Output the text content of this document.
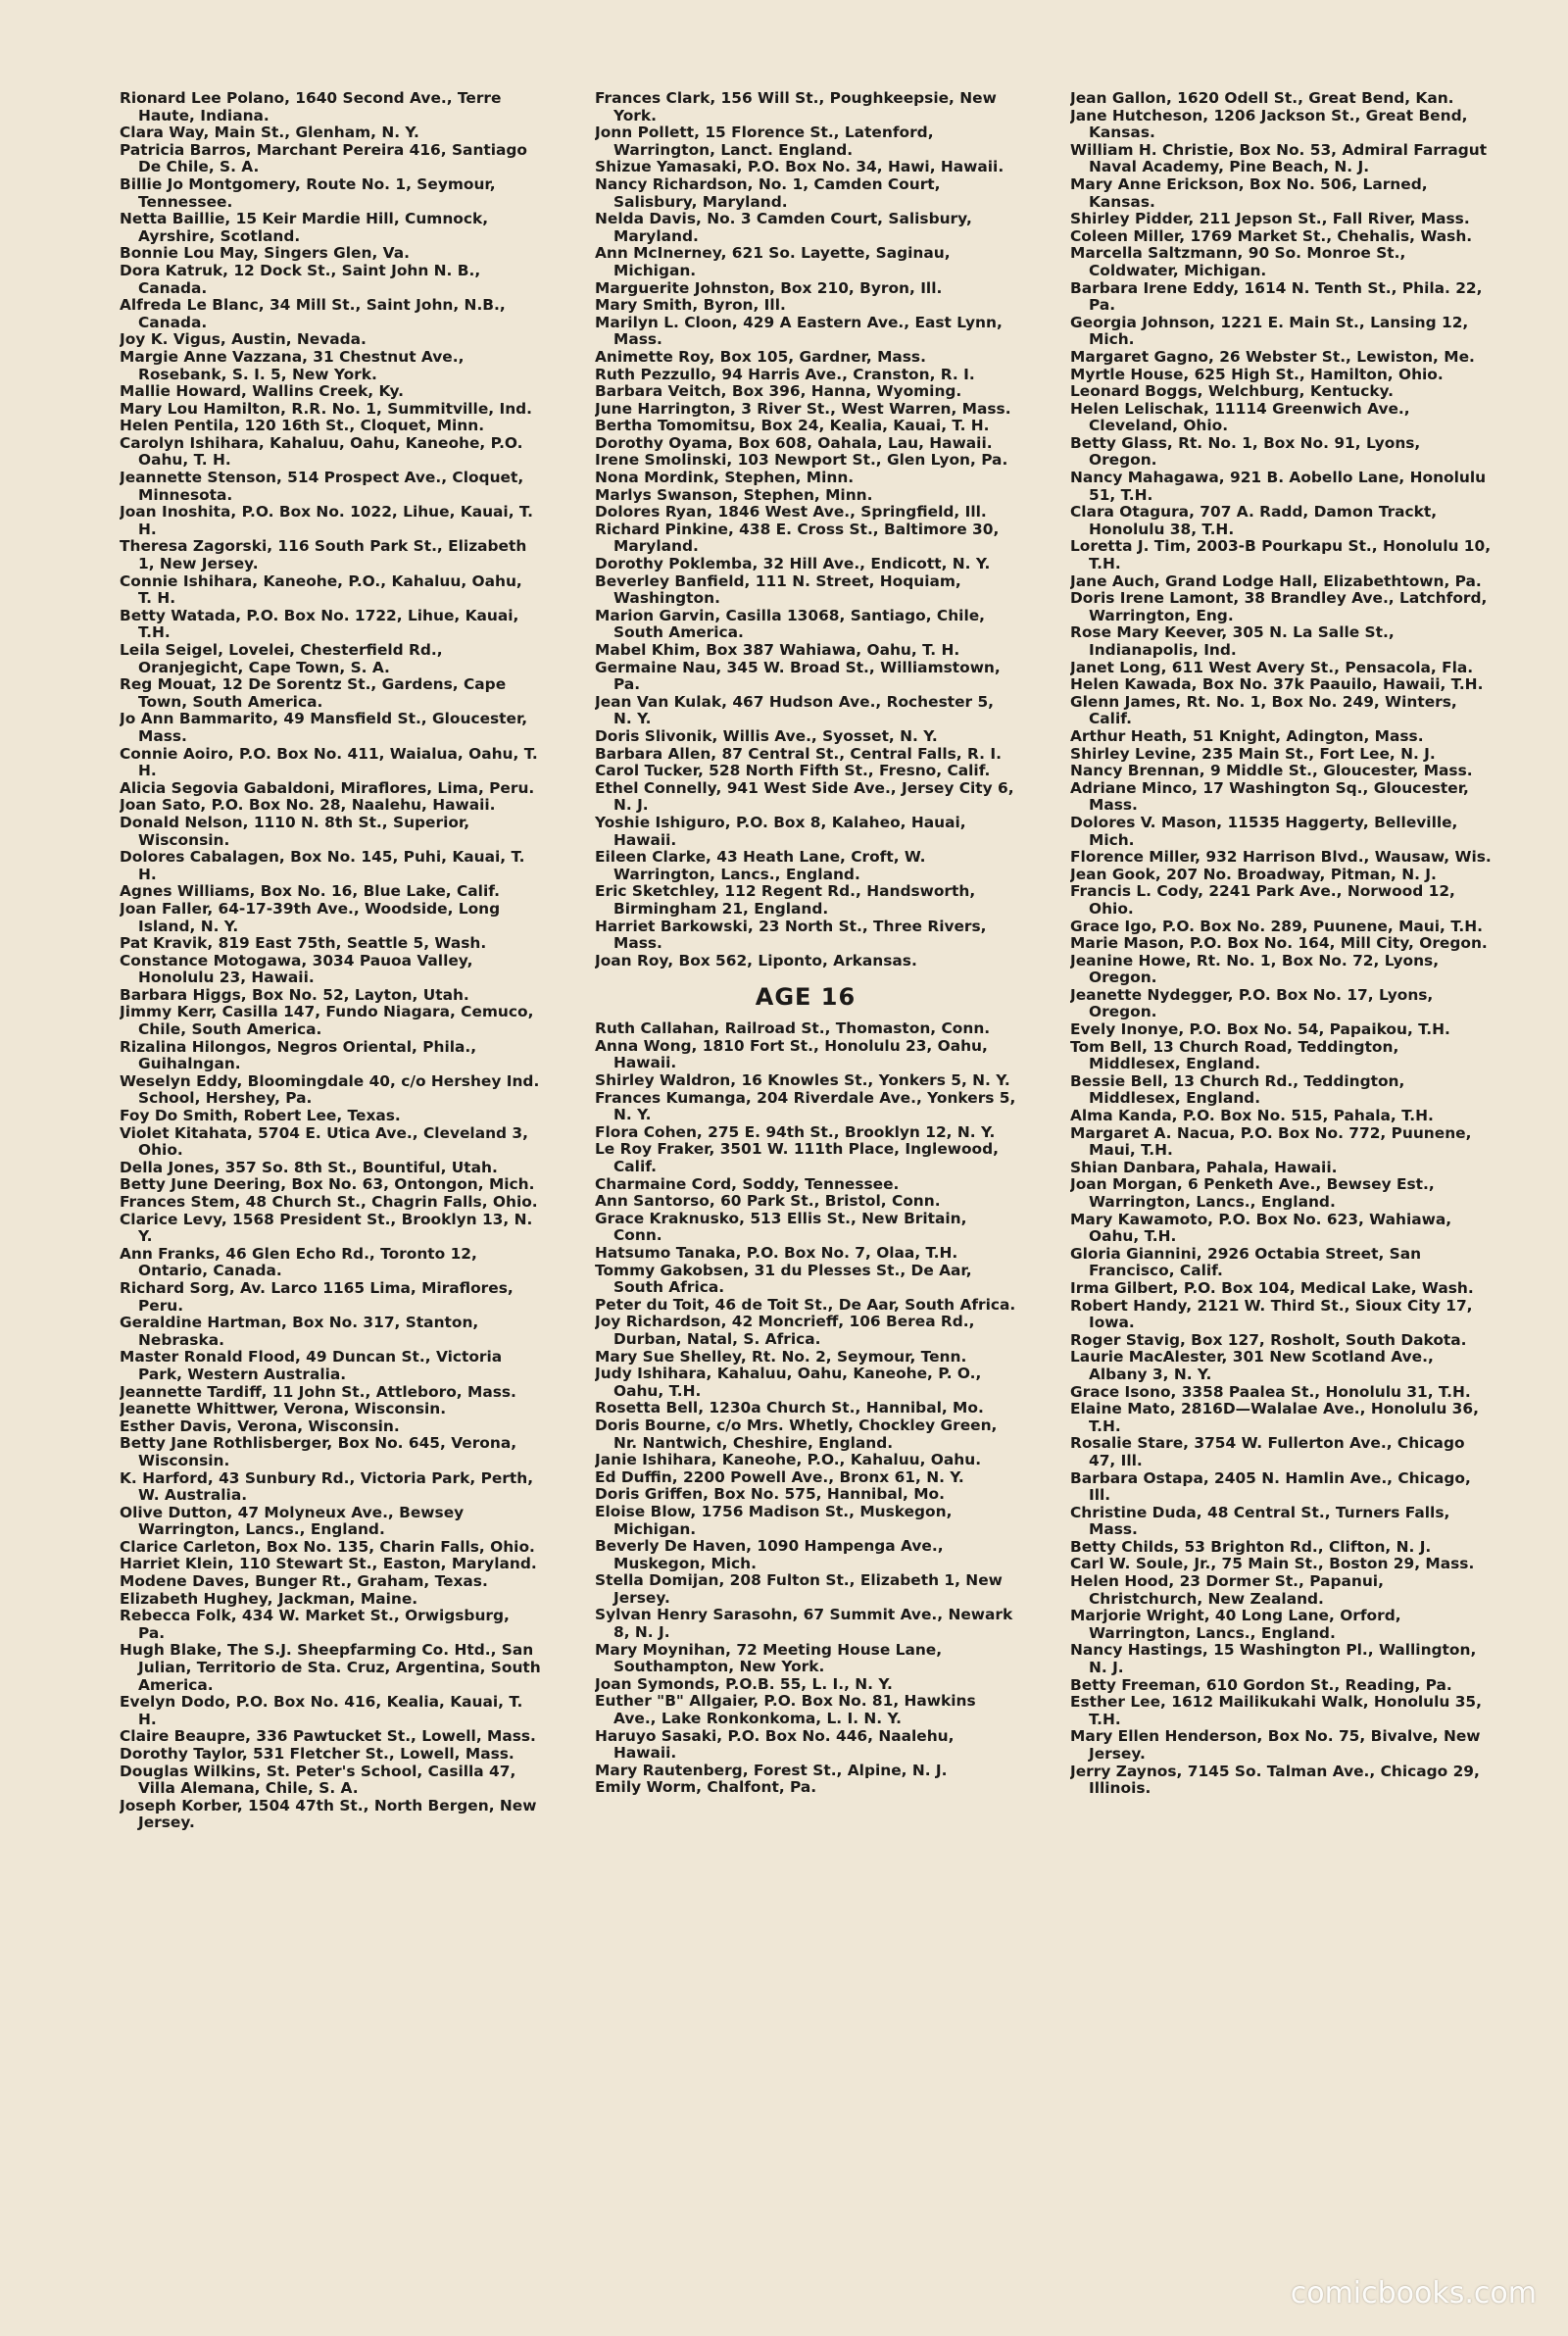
Rionard Lee Polano, 1640 Second Ave., Terre Haute, Indiana.
Clara Way, Main St., Glenham, N. Y.
Patricia Barros, Marchant Pereira 416, Santiago De Chile, S. A.
Billie Jo Montgomery, Route No. 1, Seymour, Tennessee.
Netta Baillie, 15 Keir Mardie Hill, Cumnock, Ayrshire, Scotland.
Bonnie Lou May, Singers Glen, Va.
Dora Katruk, 12 Dock St., Saint John N. B., Canada.
Alfreda Le Blanc, 34 Mill St., Saint John, N.B., Canada.
Joy K. Vigus, Austin, Nevada.
Margie Anne Vazzana, 31 Chestnut Ave., Rosebank, S. I. 5, New York.
Mallie Howard, Wallins Creek, Ky.
Mary Lou Hamilton, R.R. No. 1, Summitville, Ind.
Helen Pentila, 120 16th St., Cloquet, Minn.
Carolyn Ishihara, Kahaluu, Oahu, Kaneohe, P.O. Oahu, T. H.
Jeannette Stenson, 514 Prospect Ave., Cloquet, Minnesota.
Joan Inoshita, P.O. Box No. 1022, Lihue, Kauai, T. H.
Theresa Zagorski, 116 South Park St., Elizabeth 1, New Jersey.
Connie Ishihara, Kaneohe, P.O., Kahaluu, Oahu, T. H.
Betty Watada, P.O. Box No. 1722, Lihue, Kauai, T.H.
Leila Seigel, Lovelei, Chesterfield Rd., Oranjegicht, Cape Town, S. A.
Reg Mouat, 12 De Sorentz St., Gardens, Cape Town, South America.
Jo Ann Bammarito, 49 Mansfield St., Gloucester, Mass.
Connie Aoiro, P.O. Box No. 411, Waialua, Oahu, T. H.
Alicia Segovia Gabaldoni, Miraflores, Lima, Peru.
Joan Sato, P.O. Box No. 28, Naalehu, Hawaii.
Donald Nelson, 1110 N. 8th St., Superior, Wisconsin.
Dolores Cabalagen, Box No. 145, Puhi, Kauai, T. H.
Agnes Williams, Box No. 16, Blue Lake, Calif.
Joan Faller, 64-17-39th Ave., Woodside, Long Island, N. Y.
Pat Kravik, 819 East 75th, Seattle 5, Wash.
Constance Motogawa, 3034 Pauoa Valley, Honolulu 23, Hawaii.
Barbara Higgs, Box No. 52, Layton, Utah.
Jimmy Kerr, Casilla 147, Fundo Niagara, Cemuco, Chile, South America.
Rizalina Hilongos, Negros Oriental, Phila., Guihalngan.
Weselyn Eddy, Bloomingdale 40, c/o Hershey Ind. School, Hershey, Pa.
Foy Do Smith, Robert Lee, Texas.
Violet Kitahata, 5704 E. Utica Ave., Cleveland 3, Ohio.
Della Jones, 357 So. 8th St., Bountiful, Utah.
Betty June Deering, Box No. 63, Ontongon, Mich.
Frances Stem, 48 Church St., Chagrin Falls, Ohio.
Clarice Levy, 1568 President St., Brooklyn 13, N. Y.
Ann Franks, 46 Glen Echo Rd., Toronto 12, Ontario, Canada.
Richard Sorg, Av. Larco 1165 Lima, Miraflores, Peru.
Geraldine Hartman, Box No. 317, Stanton, Nebraska.
Master Ronald Flood, 49 Duncan St., Victoria Park, Western Australia.
Jeannette Tardiff, 11 John St., Attleboro, Mass.
Jeanette Whittwer, Verona, Wisconsin.
Esther Davis, Verona, Wisconsin.
Betty Jane Rothlisberger, Box No. 645, Verona, Wisconsin.
K. Harford, 43 Sunbury Rd., Victoria Park, Perth, W. Australia.
Olive Dutton, 47 Molyneux Ave., Bewsey Warrington, Lancs., England.
Clarice Carleton, Box No. 135, Charin Falls, Ohio.
Harriet Klein, 110 Stewart St., Easton, Maryland.
Modene Daves, Bunger Rt., Graham, Texas.
Elizabeth Hughey, Jackman, Maine.
Rebecca Folk, 434 W. Market St., Orwigsburg, Pa.
Hugh Blake, The S.J. Sheepfarming Co. Htd., San Julian, Territorio de Sta. Cruz, Argentina, South America.
Evelyn Dodo, P.O. Box No. 416, Kealia, Kauai, T. H.
Claire Beaupre, 336 Pawtucket St., Lowell, Mass.
Dorothy Taylor, 531 Fletcher St., Lowell, Mass.
Douglas Wilkins, St. Peter's School, Casilla 47, Villa Alemana, Chile, S. A.
Joseph Korber, 1504 47th St., North Bergen, New Jersey.
Frances Clark, 156 Will St., Poughkeepsie, New York.
Jonn Pollett, 15 Florence St., Latenford, Warrington, Lanct. England.
Shizue Yamasaki, P.O. Box No. 34, Hawi, Hawaii.
Nancy Richardson, No. 1, Camden Court, Salisbury, Maryland.
Nelda Davis, No. 3 Camden Court, Salisbury, Maryland.
Ann McInerney, 621 So. Layette, Saginau, Michigan.
Marguerite Johnston, Box 210, Byron, Ill.
Mary Smith, Byron, Ill.
Marilyn L. Cloon, 429 A Eastern Ave., East Lynn, Mass.
Animette Roy, Box 105, Gardner, Mass.
Ruth Pezzullo, 94 Harris Ave., Cranston, R. I.
Barbara Veitch, Box 396, Hanna, Wyoming.
June Harrington, 3 River St., West Warren, Mass.
Bertha Tomomitsu, Box 24, Kealia, Kauai, T. H.
Dorothy Oyama, Box 608, Oahala, Lau, Hawaii.
Irene Smolinski, 103 Newport St., Glen Lyon, Pa.
Nona Mordink, Stephen, Minn.
Marlys Swanson, Stephen, Minn.
Dolores Ryan, 1846 West Ave., Springfield, Ill.
Richard Pinkine, 438 E. Cross St., Baltimore 30, Maryland.
Dorothy Poklemba, 32 Hill Ave., Endicott, N. Y.
Beverley Banfield, 111 N. Street, Hoquiam, Washington.
Marion Garvin, Casilla 13068, Santiago, Chile, South America.
Mabel Khim, Box 387 Wahiawa, Oahu, T. H.
Germaine Nau, 345 W. Broad St., Williamstown, Pa.
Jean Van Kulak, 467 Hudson Ave., Rochester 5, N. Y.
Doris Slivonik, Willis Ave., Syosset, N. Y.
Barbara Allen, 87 Central St., Central Falls, R. I.
Carol Tucker, 528 North Fifth St., Fresno, Calif.
Ethel Connelly, 941 West Side Ave., Jersey City 6, N. J.
Yoshie Ishiguro, P.O. Box 8, Kalaheo, Hauai, Hawaii.
Eileen Clarke, 43 Heath Lane, Croft, W. Warrington, Lancs., England.
Eric Sketchley, 112 Regent Rd., Handsworth, Birmingham 21, England.
Harriet Barkowski, 23 North St., Three Rivers, Mass.
Joan Roy, Box 562, Liponto, Arkansas.
AGE 16
Ruth Callahan, Railroad St., Thomaston, Conn.
Anna Wong, 1810 Fort St., Honolulu 23, Oahu, Hawaii.
Shirley Waldron, 16 Knowles St., Yonkers 5, N. Y.
Frances Kumanga, 204 Riverdale Ave., Yonkers 5, N. Y.
Flora Cohen, 275 E. 94th St., Brooklyn 12, N. Y.
Le Roy Fraker, 3501 W. 111th Place, Inglewood, Calif.
Charmaine Cord, Soddy, Tennessee.
Ann Santorso, 60 Park St., Bristol, Conn.
Grace Kraknusko, 513 Ellis St., New Britain, Conn.
Hatsumo Tanaka, P.O. Box No. 7, Olaa, T.H.
Tommy Gakobsen, 31 du Plesses St., De Aar, South Africa.
Peter du Toit, 46 de Toit St., De Aar, South Africa.
Joy Richardson, 42 Moncrieff, 106 Berea Rd., Durban, Natal, S. Africa.
Mary Sue Shelley, Rt. No. 2, Seymour, Tenn.
Judy Ishihara, Kahaluu, Oahu, Kaneohe, P. O., Oahu, T.H.
Rosetta Bell, 1230a Church St., Hannibal, Mo.
Doris Bourne, c/o Mrs. Whetly, Chockley Green, Nr. Nantwich, Cheshire, England.
Janie Ishihara, Kaneohe, P.O., Kahaluu, Oahu.
Ed Duffin, 2200 Powell Ave., Bronx 61, N. Y.
Doris Griffen, Box No. 575, Hannibal, Mo.
Eloise Blow, 1756 Madison St., Muskegon, Michigan.
Beverly De Haven, 1090 Hampenga Ave., Muskegon, Mich.
Stella Domijan, 208 Fulton St., Elizabeth 1, New Jersey.
Sylvan Henry Sarasohn, 67 Summit Ave., Newark 8, N. J.
Mary Moynihan, 72 Meeting House Lane, Southampton, New York.
Joan Symonds, P.O.B. 55, L. I., N. Y.
Euther "B" Allgaier, P.O. Box No. 81, Hawkins Ave., Lake Ronkonkoma, L. I. N. Y.
Haruyo Sasaki, P.O. Box No. 446, Naalehu, Hawaii.
Mary Rautenberg, Forest St., Alpine, N. J.
Emily Worm, Chalfont, Pa.
Jean Gallon, 1620 Odell St., Great Bend, Kan.
Jane Hutcheson, 1206 Jackson St., Great Bend, Kansas.
William H. Christie, Box No. 53, Admiral Farragut Naval Academy, Pine Beach, N. J.
Mary Anne Erickson, Box No. 506, Larned, Kansas.
Shirley Pidder, 211 Jepson St., Fall River, Mass.
Coleen Miller, 1769 Market St., Chehalis, Wash.
Marcella Saltzmann, 90 So. Monroe St., Coldwater, Michigan.
Barbara Irene Eddy, 1614 N. Tenth St., Phila. 22, Pa.
Georgia Johnson, 1221 E. Main St., Lansing 12, Mich.
Margaret Gagno, 26 Webster St., Lewiston, Me.
Myrtle House, 625 High St., Hamilton, Ohio.
Leonard Boggs, Welchburg, Kentucky.
Helen Lelischak, 11114 Greenwich Ave., Cleveland, Ohio.
Betty Glass, Rt. No. 1, Box No. 91, Lyons, Oregon.
Nancy Mahagawa, 921 B. Aobello Lane, Honolulu 51, T.H.
Clara Otagura, 707 A. Radd, Damon Trackt, Honolulu 38, T.H.
Loretta J. Tim, 2003-B Pourkapu St., Honolulu 10, T.H.
Jane Auch, Grand Lodge Hall, Elizabethtown, Pa.
Doris Irene Lamont, 38 Brandley Ave., Latchford, Warrington, Eng.
Rose Mary Keever, 305 N. La Salle St., Indianapolis, Ind.
Janet Long, 611 West Avery St., Pensacola, Fla.
Helen Kawada, Box No. 37k Paauilo, Hawaii, T.H.
Glenn James, Rt. No. 1, Box No. 249, Winters, Calif.
Arthur Heath, 51 Knight, Adington, Mass.
Shirley Levine, 235 Main St., Fort Lee, N. J.
Nancy Brennan, 9 Middle St., Gloucester, Mass.
Adriane Minco, 17 Washington Sq., Gloucester, Mass.
Dolores V. Mason, 11535 Haggerty, Belleville, Mich.
Florence Miller, 932 Harrison Blvd., Wausaw, Wis.
Jean Gook, 207 No. Broadway, Pitman, N. J.
Francis L. Cody, 2241 Park Ave., Norwood 12, Ohio.
Grace Igo, P.O. Box No. 289, Puunene, Maui, T.H.
Marie Mason, P.O. Box No. 164, Mill City, Oregon.
Jeanine Howe, Rt. No. 1, Box No. 72, Lyons, Oregon.
Jeanette Nydegger, P.O. Box No. 17, Lyons, Oregon.
Evely Inonye, P.O. Box No. 54, Papaikou, T.H.
Tom Bell, 13 Church Road, Teddington, Middlesex, England.
Bessie Bell, 13 Church Rd., Teddington, Middlesex, England.
Alma Kanda, P.O. Box No. 515, Pahala, T.H.
Margaret A. Nacua, P.O. Box No. 772, Puunene, Maui, T.H.
Shian Danbara, Pahala, Hawaii.
Joan Morgan, 6 Penketh Ave., Bewsey Est., Warrington, Lancs., England.
Mary Kawamoto, P.O. Box No. 623, Wahiawa, Oahu, T.H.
Gloria Giannini, 2926 Octabia Street, San Francisco, Calif.
Irma Gilbert, P.O. Box 104, Medical Lake, Wash.
Robert Handy, 2121 W. Third St., Sioux City 17, Iowa.
Roger Stavig, Box 127, Rosholt, South Dakota.
Laurie MacAlester, 301 New Scotland Ave., Albany 3, N. Y.
Grace Isono, 3358 Paalea St., Honolulu 31, T.H.
Elaine Mato, 2816D—Walalae Ave., Honolulu 36, T.H.
Rosalie Stare, 3754 W. Fullerton Ave., Chicago 47, Ill.
Barbara Ostapa, 2405 N. Hamlin Ave., Chicago, Ill.
Christine Duda, 48 Central St., Turners Falls, Mass.
Betty Childs, 53 Brighton Rd., Clifton, N. J.
Carl W. Soule, Jr., 75 Main St., Boston 29, Mass.
Helen Hood, 23 Dormer St., Papanui, Christchurch, New Zealand.
Marjorie Wright, 40 Long Lane, Orford, Warrington, Lancs., England.
Nancy Hastings, 15 Washington Pl., Wallington, N. J.
Betty Freeman, 610 Gordon St., Reading, Pa.
Esther Lee, 1612 Mailikukahi Walk, Honolulu 35, T.H.
Mary Ellen Henderson, Box No. 75, Bivalve, New Jersey.
Jerry Zaynos, 7145 So. Talman Ave., Chicago 29, Illinois.
comicbooks.com
